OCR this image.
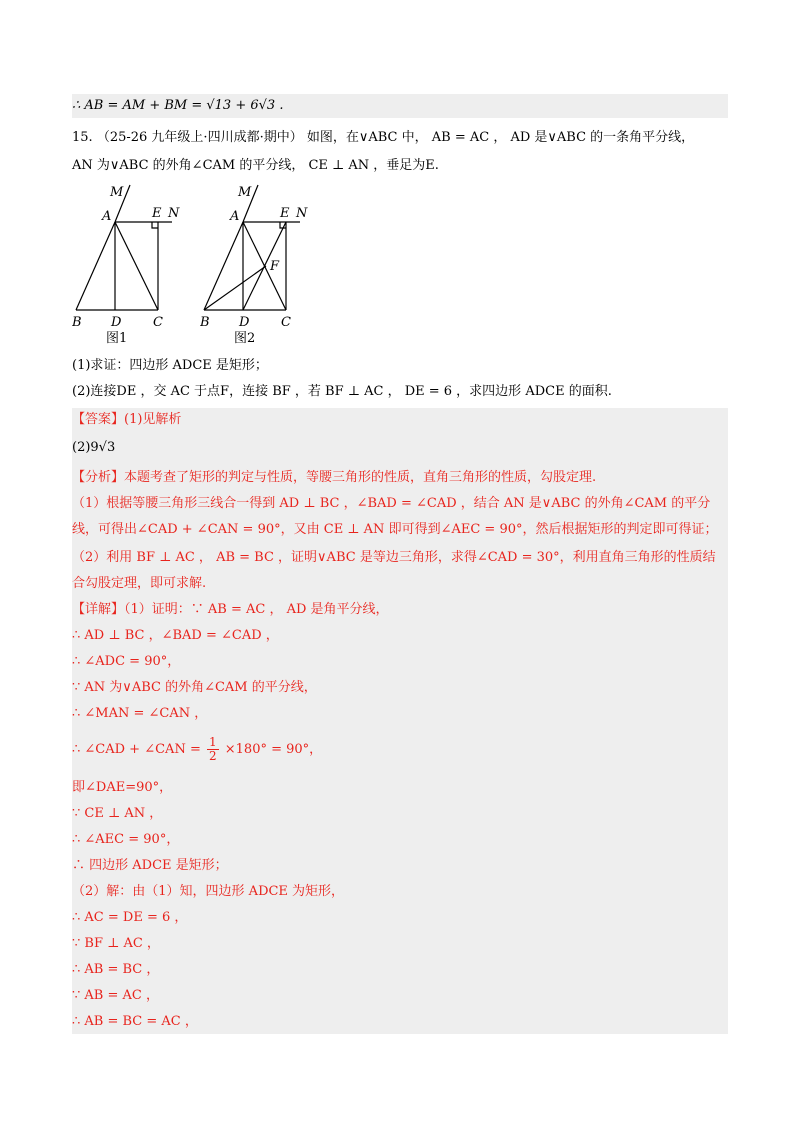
∴ AB = AM + BM = √13 + 6√3 .
15. （25-26 九年级上·四川成都·期中） 如图，在∨ABC 中， AB = AC ， AD 是∨ABC 的一条角平分线，
AN 为∨ABC 的外角∠CAM 的平分线， CE ⊥ AN ，垂足为E.
M
A	E N
B D C
图1
M
A	E N
F
B D C
图2
(1)求证：四边形 ADCE 是矩形；
(2)连接DE ，交 AC 于点F，连接 BF ，若 BF ⊥ AC ， DE = 6 ，求四边形 ADCE 的面积.
【答案】(1)见解析
(2)9√3
【分析】本题考查了矩形的判定与性质，等腰三角形的性质，直角三角形的性质，勾股定理.
（1）根据等腰三角形三线合一得到 AD ⊥ BC ，∠BAD = ∠CAD ，结合 AN 是∨ABC 的外角∠CAM 的平分
线，可得出∠CAD + ∠CAN = 90°，又由 CE ⊥ AN 即可得到∠AEC = 90°，然后根据矩形的判定即可得证；
（2）利用 BF ⊥ AC ， AB = BC ，证明∨ABC 是等边三角形，求得∠CAD = 30°，利用直角三角形的性质结
合勾股定理，即可求解.
【详解】（1）证明：∵ AB = AC ， AD 是角平分线，
∴ AD ⊥ BC ，∠BAD = ∠CAD ，
∴ ∠ADC = 90°，
∵ AN 为∨ABC 的外角∠CAM 的平分线，
∴ ∠MAN = ∠CAN ，
∴ ∠CAD + ∠CAN = $\frac{1}{2} \times 180^\circ = 90^\circ$，
即∠DAE=90°，
∵ CE ⊥ AN ，
∴ ∠AEC = 90°，
∴ 四边形 ADCE 是矩形；
（2）解：由（1）知，四边形 ADCE 为矩形，
∴ AC = DE = 6 ，
∵ BF ⊥ AC ，
∴ AB = BC ，
∵ AB = AC ，
∴ AB = BC = AC ，
